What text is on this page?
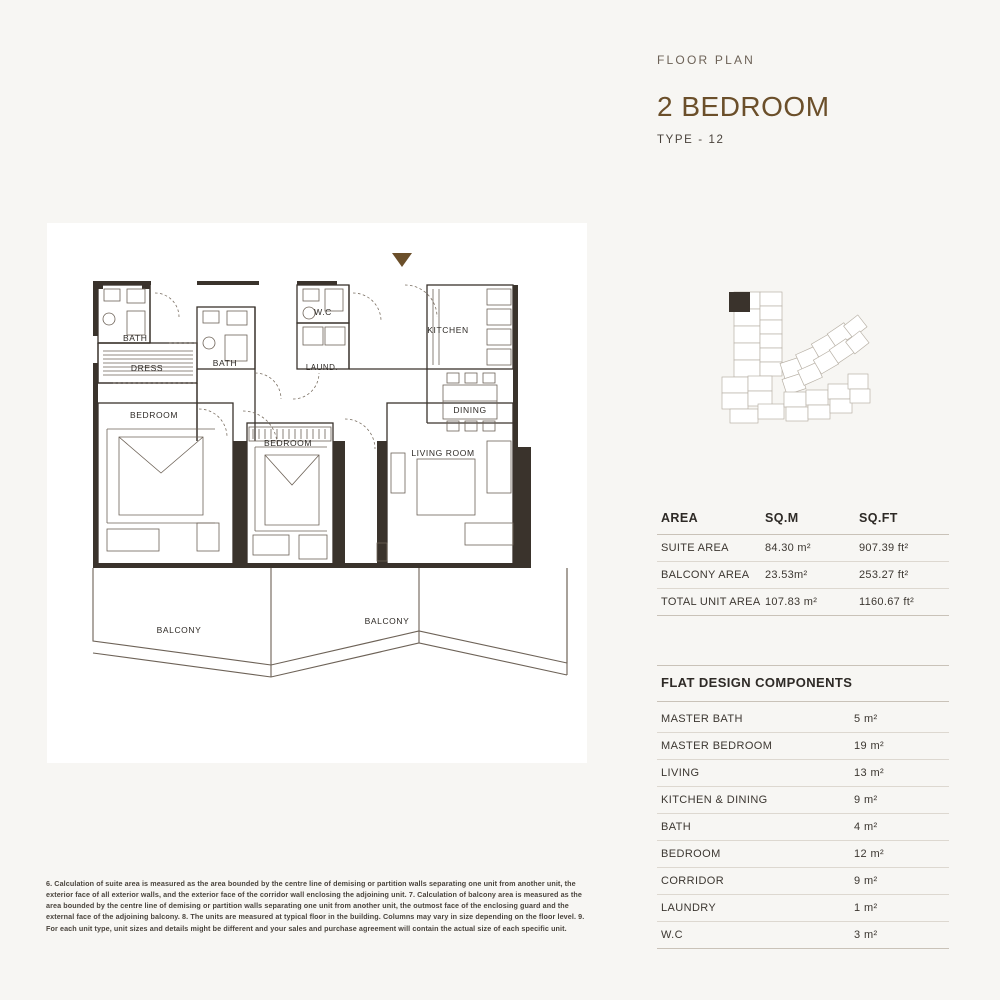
FLOOR PLAN
2 BEDROOM
TYPE - 12
AREA	SQ.M	SQ.FT
SUITE AREA	84.30 m²	907.39 ft²
BALCONY AREA	23.53m²	253.27 ft²
TOTAL UNIT AREA	107.83 m²	1160.67 ft²
FLAT DESIGN COMPONENTS
MASTER BATH	5 m²
MASTER BEDROOM	19 m²
LIVING	13 m²
KITCHEN & DINING	9 m²
BATH	4 m²
BEDROOM	12 m²
CORRIDOR	9 m²
LAUNDRY	1 m²
W.C	3 m²
BATH
BATH
W.C
KITCHEN
DRESS	LAUND.
DINING
BEDROOM
BEDROOM
LIVING ROOM
BALCONY
BALCONY
6. Calculation of suite area is measured as the area bounded by the centre line of demising or partition walls separating one unit from another unit, the exterior face of all exterior walls, and the exterior face of the corridor wall enclosing the adjoining unit. 7. Calculation of balcony area is measured as the area bounded by the centre line of demising or partition walls separating one unit from another unit, the outmost face of the enclosing guard and the external face of the adjoining balcony. 8. The units are measured at typical floor in the building. Columns may vary in size depending on the floor level. 9. For each unit type, unit sizes and details might be different and your sales and purchase agreement will contain the actual size of each specific unit.
